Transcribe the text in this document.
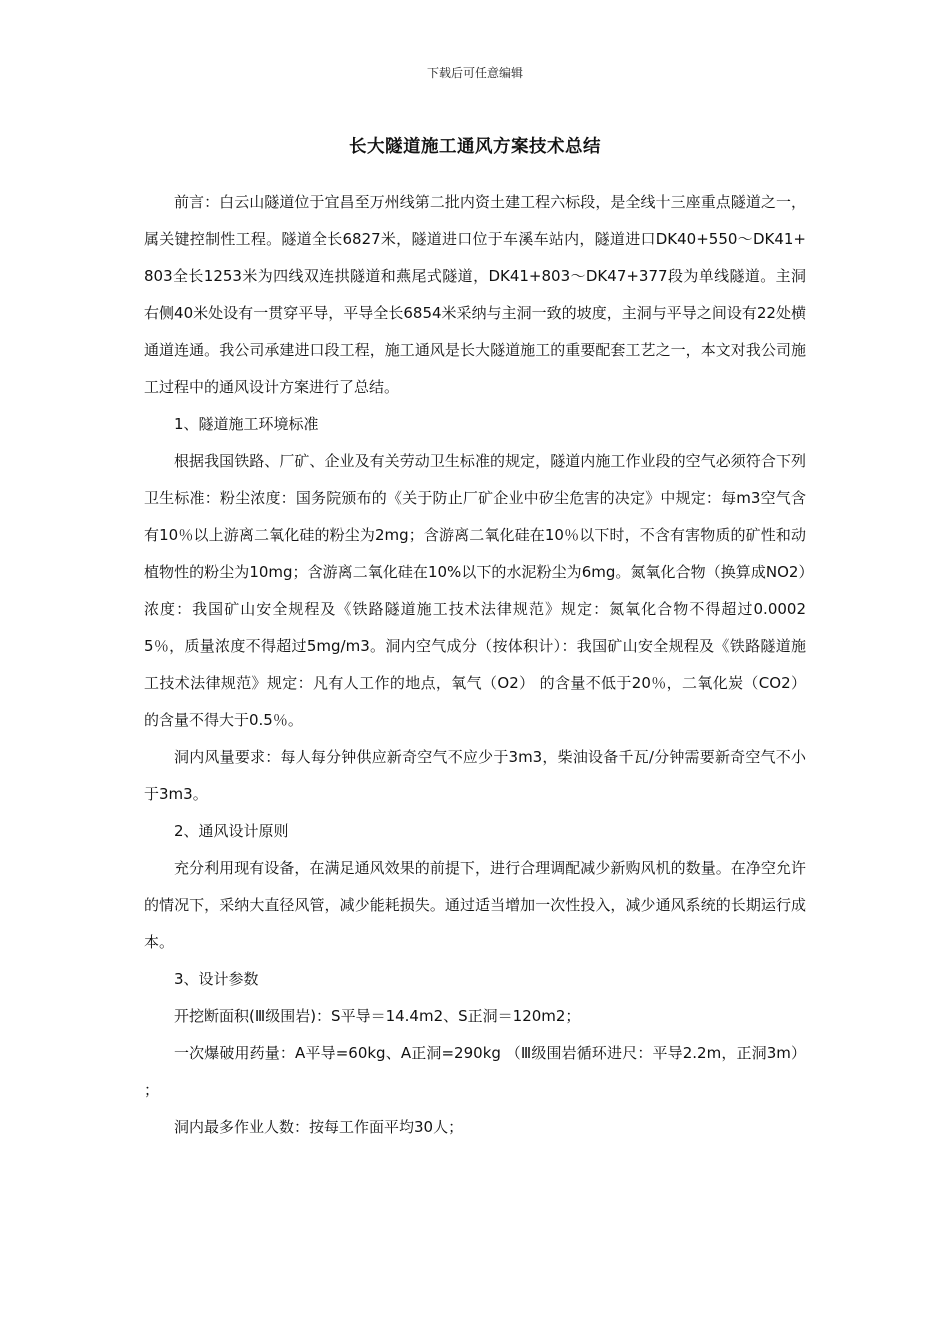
下载后可任意编辑
长大隧道施工通风方案技术总结

前言：白云山隧道位于宜昌至万州线第二批内资土建工程六标段，是全线十三座重点隧道之一，属关键控制性工程。隧道全长6827米，隧道进口位于车溪车站内，隧道进口DK40+550～DK41+803全长1253米为四线双连拱隧道和燕尾式隧道，DK41+803～DK47+377段为单线隧道。主洞右侧40米处设有一贯穿平导，平导全长6854米采纳与主洞一致的坡度，主洞与平导之间设有22处横通道连通。我公司承建进口段工程，施工通风是长大隧道施工的重要配套工艺之一，本文对我公司施工过程中的通风设计方案进行了总结。

1、隧道施工环境标准

根据我国铁路、厂矿、企业及有关劳动卫生标准的规定，隧道内施工作业段的空气必须符合下列卫生标准：粉尘浓度：国务院颁布的《关于防止厂矿企业中矽尘危害的决定》中规定：每m3空气含有10％以上游离二氧化硅的粉尘为2mg；含游离二氧化硅在10％以下时，不含有害物质的矿性和动植物性的粉尘为10mg；含游离二氧化硅在10%以下的水泥粉尘为6mg。氮氧化合物（换算成NO2）浓度：我国矿山安全规程及《铁路隧道施工技术法律规范》规定：氮氧化合物不得超过0.00025％，质量浓度不得超过5mg/m3。洞内空气成分（按体积计）：我国矿山安全规程及《铁路隧道施工技术法律规范》规定：凡有人工作的地点，氧气（O2） 的含量不低于20％，二氧化炭（CO2）的含量不得大于0.5％。

洞内风量要求：每人每分钟供应新奇空气不应少于3m3，柴油设备千瓦/分钟需要新奇空气不小于3m3。

2、通风设计原则

充分利用现有设备，在满足通风效果的前提下，进行合理调配减少新购风机的数量。在净空允许的情况下，采纳大直径风管，减少能耗损失。通过适当增加一次性投入，减少通风系统的长期运行成本。

3、设计参数

开挖断面积(Ⅲ级围岩)：S平导＝14.4m2、S正洞＝120m2；

一次爆破用药量：A平导=60kg、A正洞=290kg （Ⅲ级围岩循环进尺：平导2.2m，正洞3m） ；

洞内最多作业人数：按每工作面平均30人；
